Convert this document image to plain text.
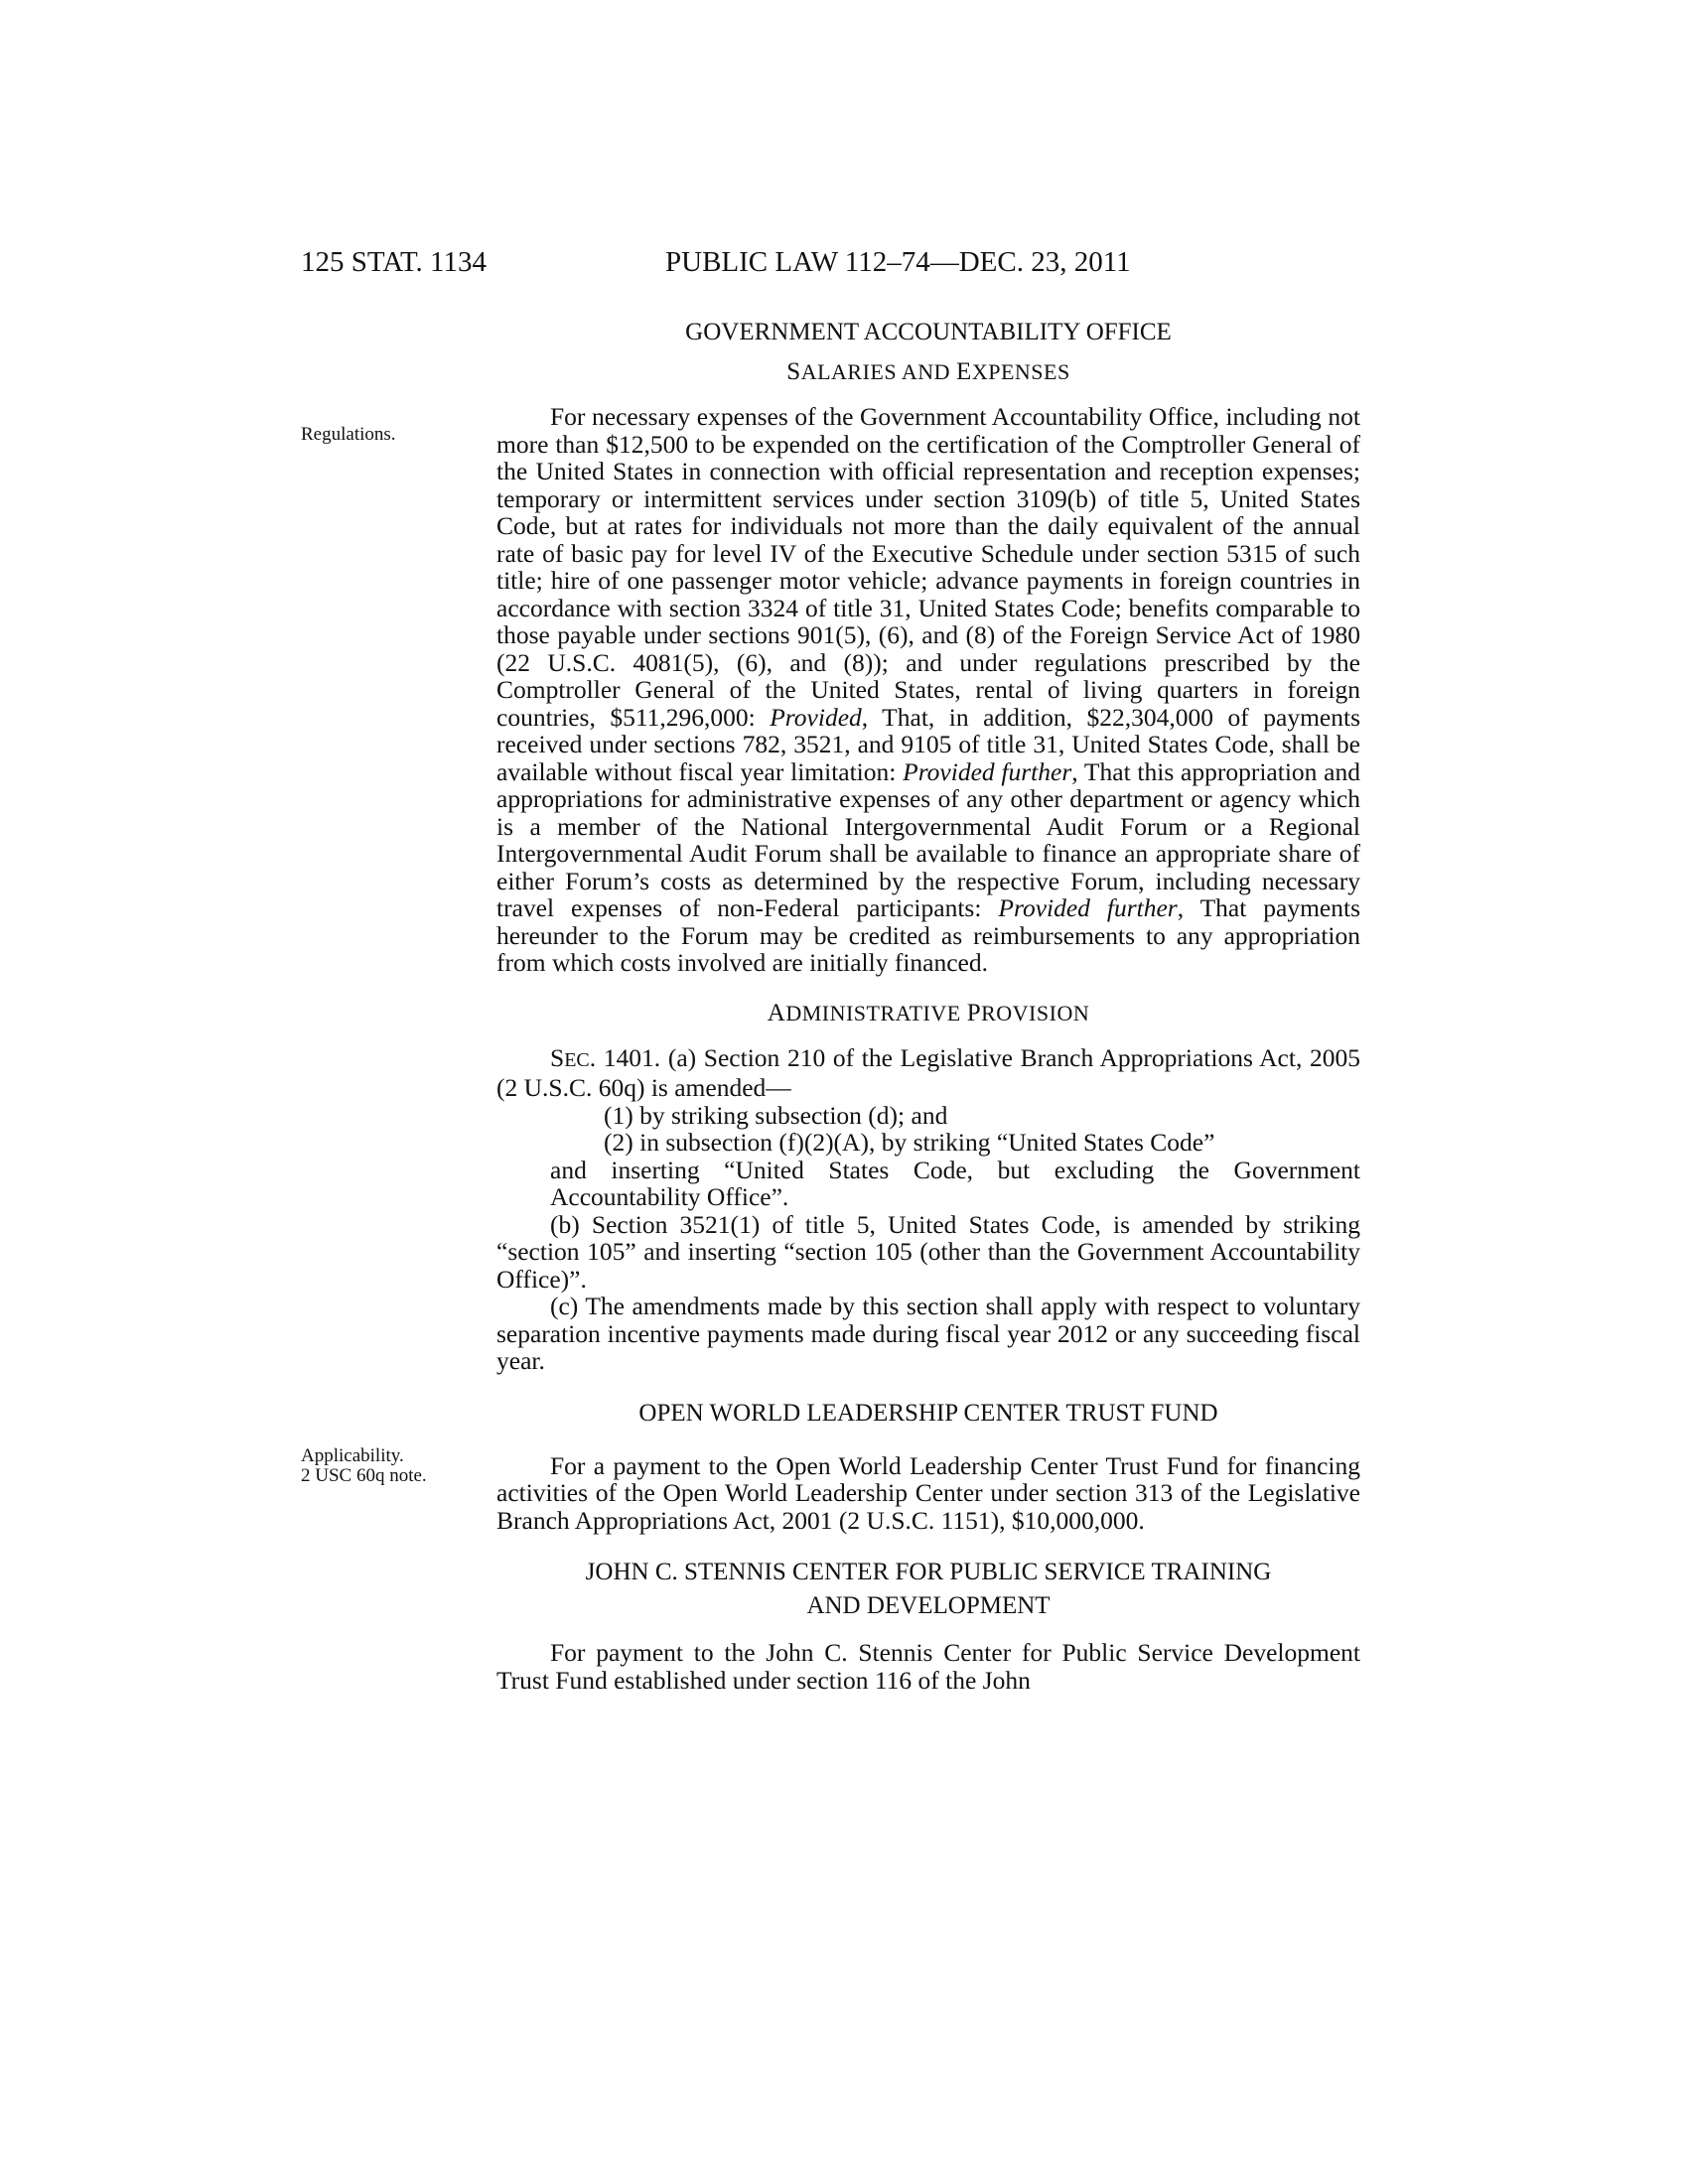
125 STAT. 1134	PUBLIC LAW 112–74—DEC. 23, 2011
Regulations.
Applicability.
2 USC 60q note.
GOVERNMENT ACCOUNTABILITY OFFICE
SALARIES AND EXPENSES

For necessary expenses of the Government Accountability Office, including not more than $12,500 to be expended on the certification of the Comptroller General of the United States in connection with official representation and reception expenses; temporary or intermittent services under section 3109(b) of title 5, United States Code, but at rates for individuals not more than the daily equivalent of the annual rate of basic pay for level IV of the Executive Schedule under section 5315 of such title; hire of one passenger motor vehicle; advance payments in foreign countries in accordance with section 3324 of title 31, United States Code; benefits comparable to those payable under sections 901(5), (6), and (8) of the Foreign Service Act of 1980 (22 U.S.C. 4081(5), (6), and (8)); and under regulations prescribed by the Comptroller General of the United States, rental of living quarters in foreign countries, $511,296,000: Provided, That, in addition, $22,304,000 of payments received under sections 782, 3521, and 9105 of title 31, United States Code, shall be available without fiscal year limitation: Provided further, That this appropriation and appropriations for administrative expenses of any other department or agency which is a member of the National Intergovernmental Audit Forum or a Regional Intergovernmental Audit Forum shall be available to finance an appropriate share of either Forum’s costs as determined by the respective Forum, including necessary travel expenses of non-Federal participants: Provided further, That payments hereunder to the Forum may be credited as reimbursements to any appropriation from which costs involved are initially financed.

ADMINISTRATIVE PROVISION

SEC. 1401. (a) Section 210 of the Legislative Branch Appropriations Act, 2005 (2 U.S.C. 60q) is amended—

(1) by striking subsection (d); and

(2) in subsection (f)(2)(A), by striking “United States Code”

and inserting “United States Code, but excluding the Government Accountability Office”.

(b) Section 3521(1) of title 5, United States Code, is amended by striking “section 105” and inserting “section 105 (other than the Government Accountability Office)”.

(c) The amendments made by this section shall apply with respect to voluntary separation incentive payments made during fiscal year 2012 or any succeeding fiscal year.

OPEN WORLD LEADERSHIP CENTER TRUST FUND

For a payment to the Open World Leadership Center Trust Fund for financing activities of the Open World Leadership Center under section 313 of the Legislative Branch Appropriations Act, 2001 (2 U.S.C. 1151), $10,000,000.

JOHN C. STENNIS CENTER FOR PUBLIC SERVICE TRAINING
AND DEVELOPMENT

For payment to the John C. Stennis Center for Public Service Development Trust Fund established under section 116 of the John
